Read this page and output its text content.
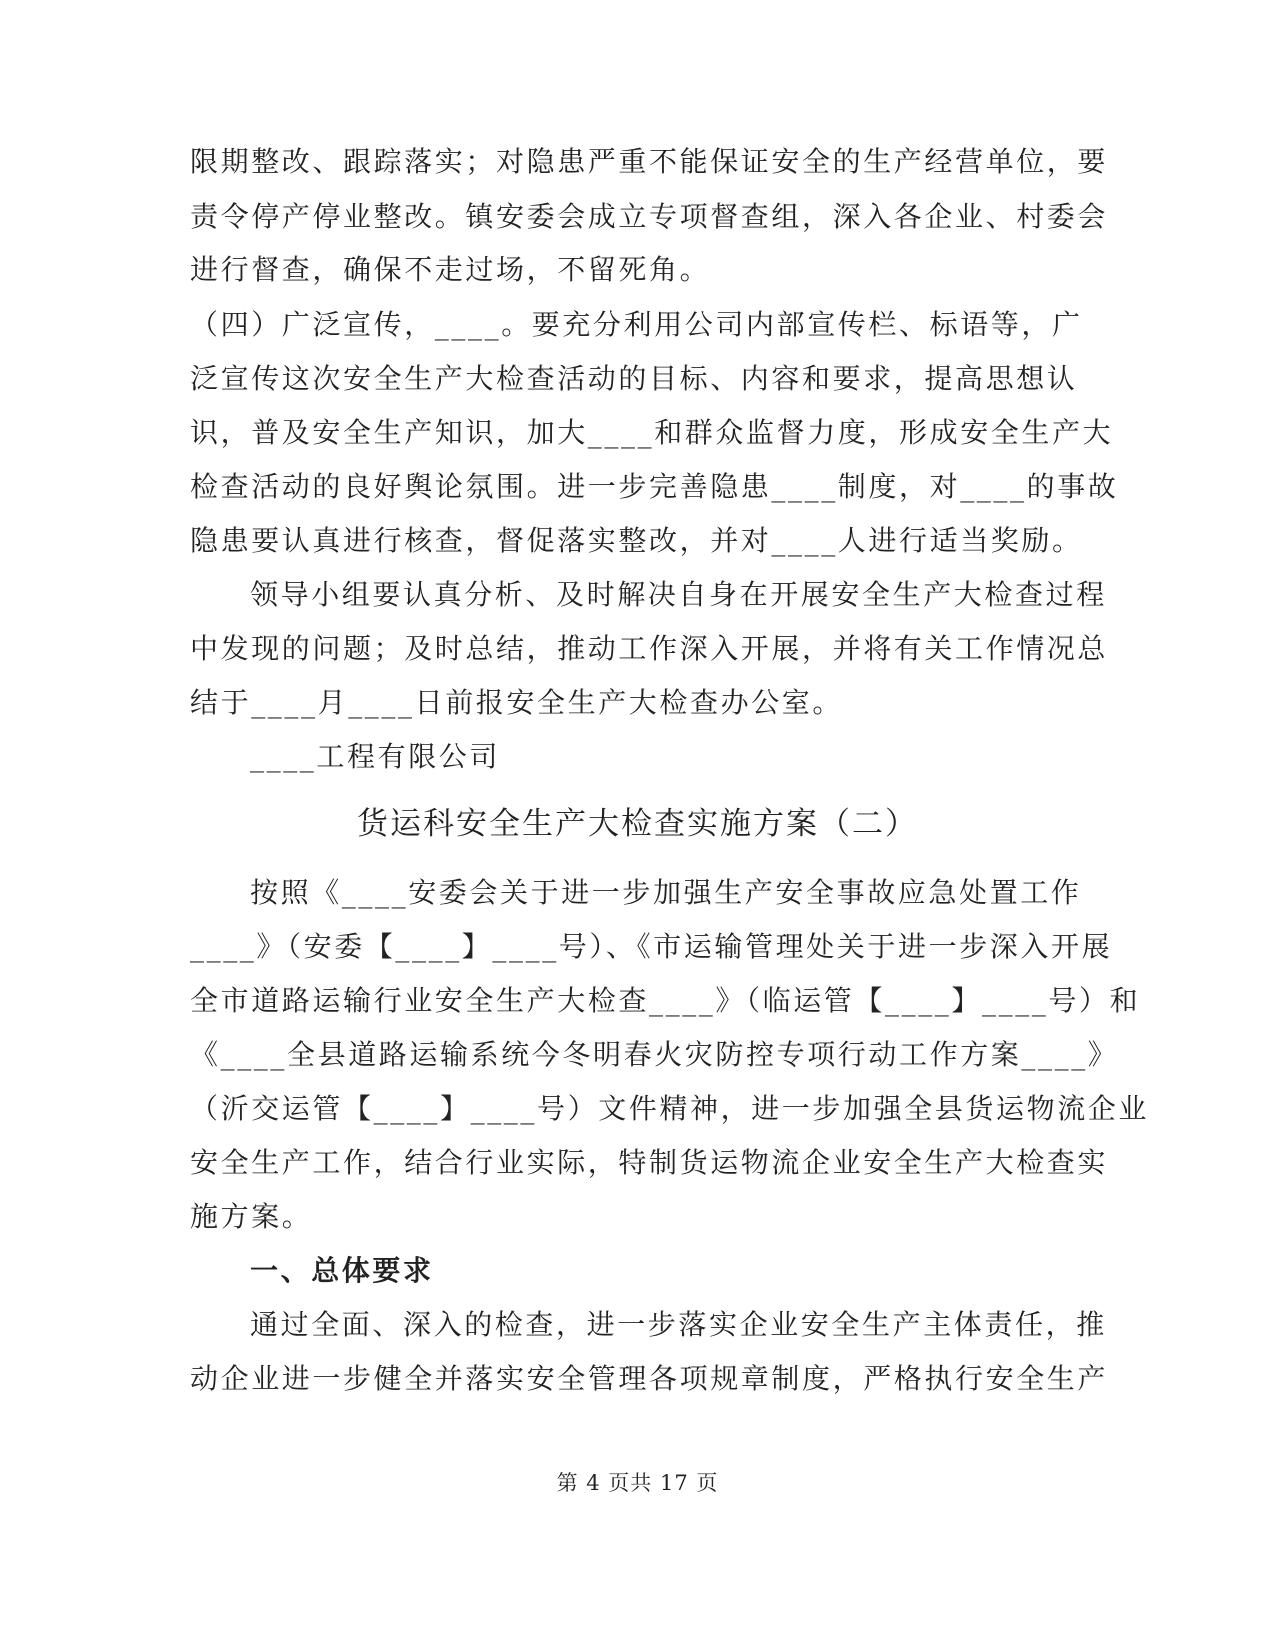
限期整改、跟踪落实；对隐患严重不能保证安全的生产经营单位，要
责令停产停业整改。镇安委会成立专项督查组，深入各企业、村委会
进行督查，确保不走过场，不留死角。
（四）广泛宣传，____。要充分利用公司内部宣传栏、标语等，广
泛宣传这次安全生产大检查活动的目标、内容和要求，提高思想认
识，普及安全生产知识，加大____和群众监督力度，形成安全生产大
检查活动的良好舆论氛围。进一步完善隐患____制度，对____的事故
隐患要认真进行核查，督促落实整改，并对____人进行适当奖励。
领导小组要认真分析、及时解决自身在开展安全生产大检查过程
中发现的问题；及时总结，推动工作深入开展，并将有关工作情况总
结于____月____日前报安全生产大检查办公室。
____工程有限公司
货运科安全生产大检查实施方案（二）
按照《____安委会关于进一步加强生产安全事故应急处置工作
____》（安委【____】____号）、《市运输管理处关于进一步深入开展
全市道路运输行业安全生产大检查____》（临运管【____】____号）和
《____全县道路运输系统今冬明春火灾防控专项行动工作方案____》
（沂交运管【____】____号）文件精神，进一步加强全县货运物流企业
安全生产工作，结合行业实际，特制货运物流企业安全生产大检查实
施方案。
一、总体要求
通过全面、深入的检查，进一步落实企业安全生产主体责任，推
动企业进一步健全并落实安全管理各项规章制度，严格执行安全生产
第 4 页共 17 页
